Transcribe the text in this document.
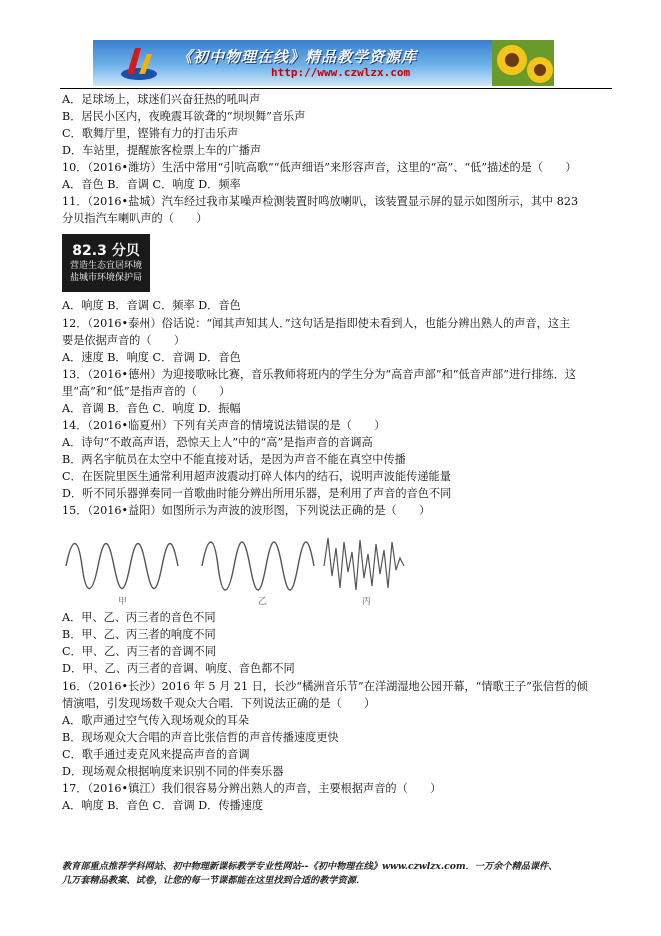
《初中物理在线》精品教学资源库
http://www.czwlzx.com
A．足球场上，球迷们兴奋狂热的吼叫声
B．居民小区内，夜晚震耳欲聋的“坝坝舞”音乐声
C．歌舞厅里，铿锵有力的打击乐声
D．车站里，提醒旅客检票上车的广播声
10．（2016•潍坊）生活中常用“引吭高歌”“低声细语”来形容声音，这里的“高”、“低”描述的是（　　）
A．音色 B．音调 C．响度 D．频率
11．（2016•盐城）汽车经过我市某噪声检测装置时鸣放喇叭，该装置显示屏的显示如图所示，其中 823
分贝指汽车喇叭声的（　　）
A．响度 B．音调 C．频率 D．音色
12．（2016•泰州）俗话说：“闻其声知其人．”这句话是指即使未看到人，也能分辨出熟人的声音，这主
要是依据声音的（　　）
A．速度 B．响度 C．音调 D．音色
13．（2016•德州）为迎接歌咏比赛，音乐教师将班内的学生分为“高音声部”和“低音声部”进行排练．这
里“高”和“低”是指声音的（　　）
A．音调 B．音色 C．响度 D．振幅
14．（2016•临夏州）下列有关声音的情境说法错误的是（　　）
A．诗句“不敢高声语，恐惊天上人”中的“高”是指声音的音调高
B．两名宇航员在太空中不能直接对话，是因为声音不能在真空中传播
C．在医院里医生通常利用超声波震动打碎人体内的结石，说明声波能传递能量
D．听不同乐器弹奏同一首歌曲时能分辨出所用乐器，是利用了声音的音色不同
15．（2016•益阳）如图所示为声波的波形图，下列说法正确的是（　　）
A．甲、乙、丙三者的音色不同
B．甲、乙、丙三者的响度不同
C．甲、乙、丙三者的音调不同
D．甲、乙、丙三者的音调、响度、音色都不同
16．（2016•长沙）2016 年 5 月 21 日，长沙“橘洲音乐节”在洋湖湿地公园开幕，“情歌王子”张信哲的倾
情演唱，引发现场数千观众大合唱．下列说法正确的是（　　）
A．歌声通过空气传入现场观众的耳朵
B．现场观众大合唱的声音比张信哲的声音传播速度更快
C．歌手通过麦克风来提高声音的音调
D．现场观众根据响度来识别不同的伴奏乐器
17．（2016•镇江）我们很容易分辨出熟人的声音，主要根据声音的（　　）
A．响度 B．音色 C．音调 D．传播速度
82.3 分贝
营造生态宜居环境
盐城市环境保护局
甲	乙	丙
教育部重点推荐学科网站、初中物理新课标教学专业性网站--《初中物理在线》www.czwlzx.com．一万余个精品课件、
几万套精品教案、试卷，让您的每一节课都能在这里找到合适的教学资源．
